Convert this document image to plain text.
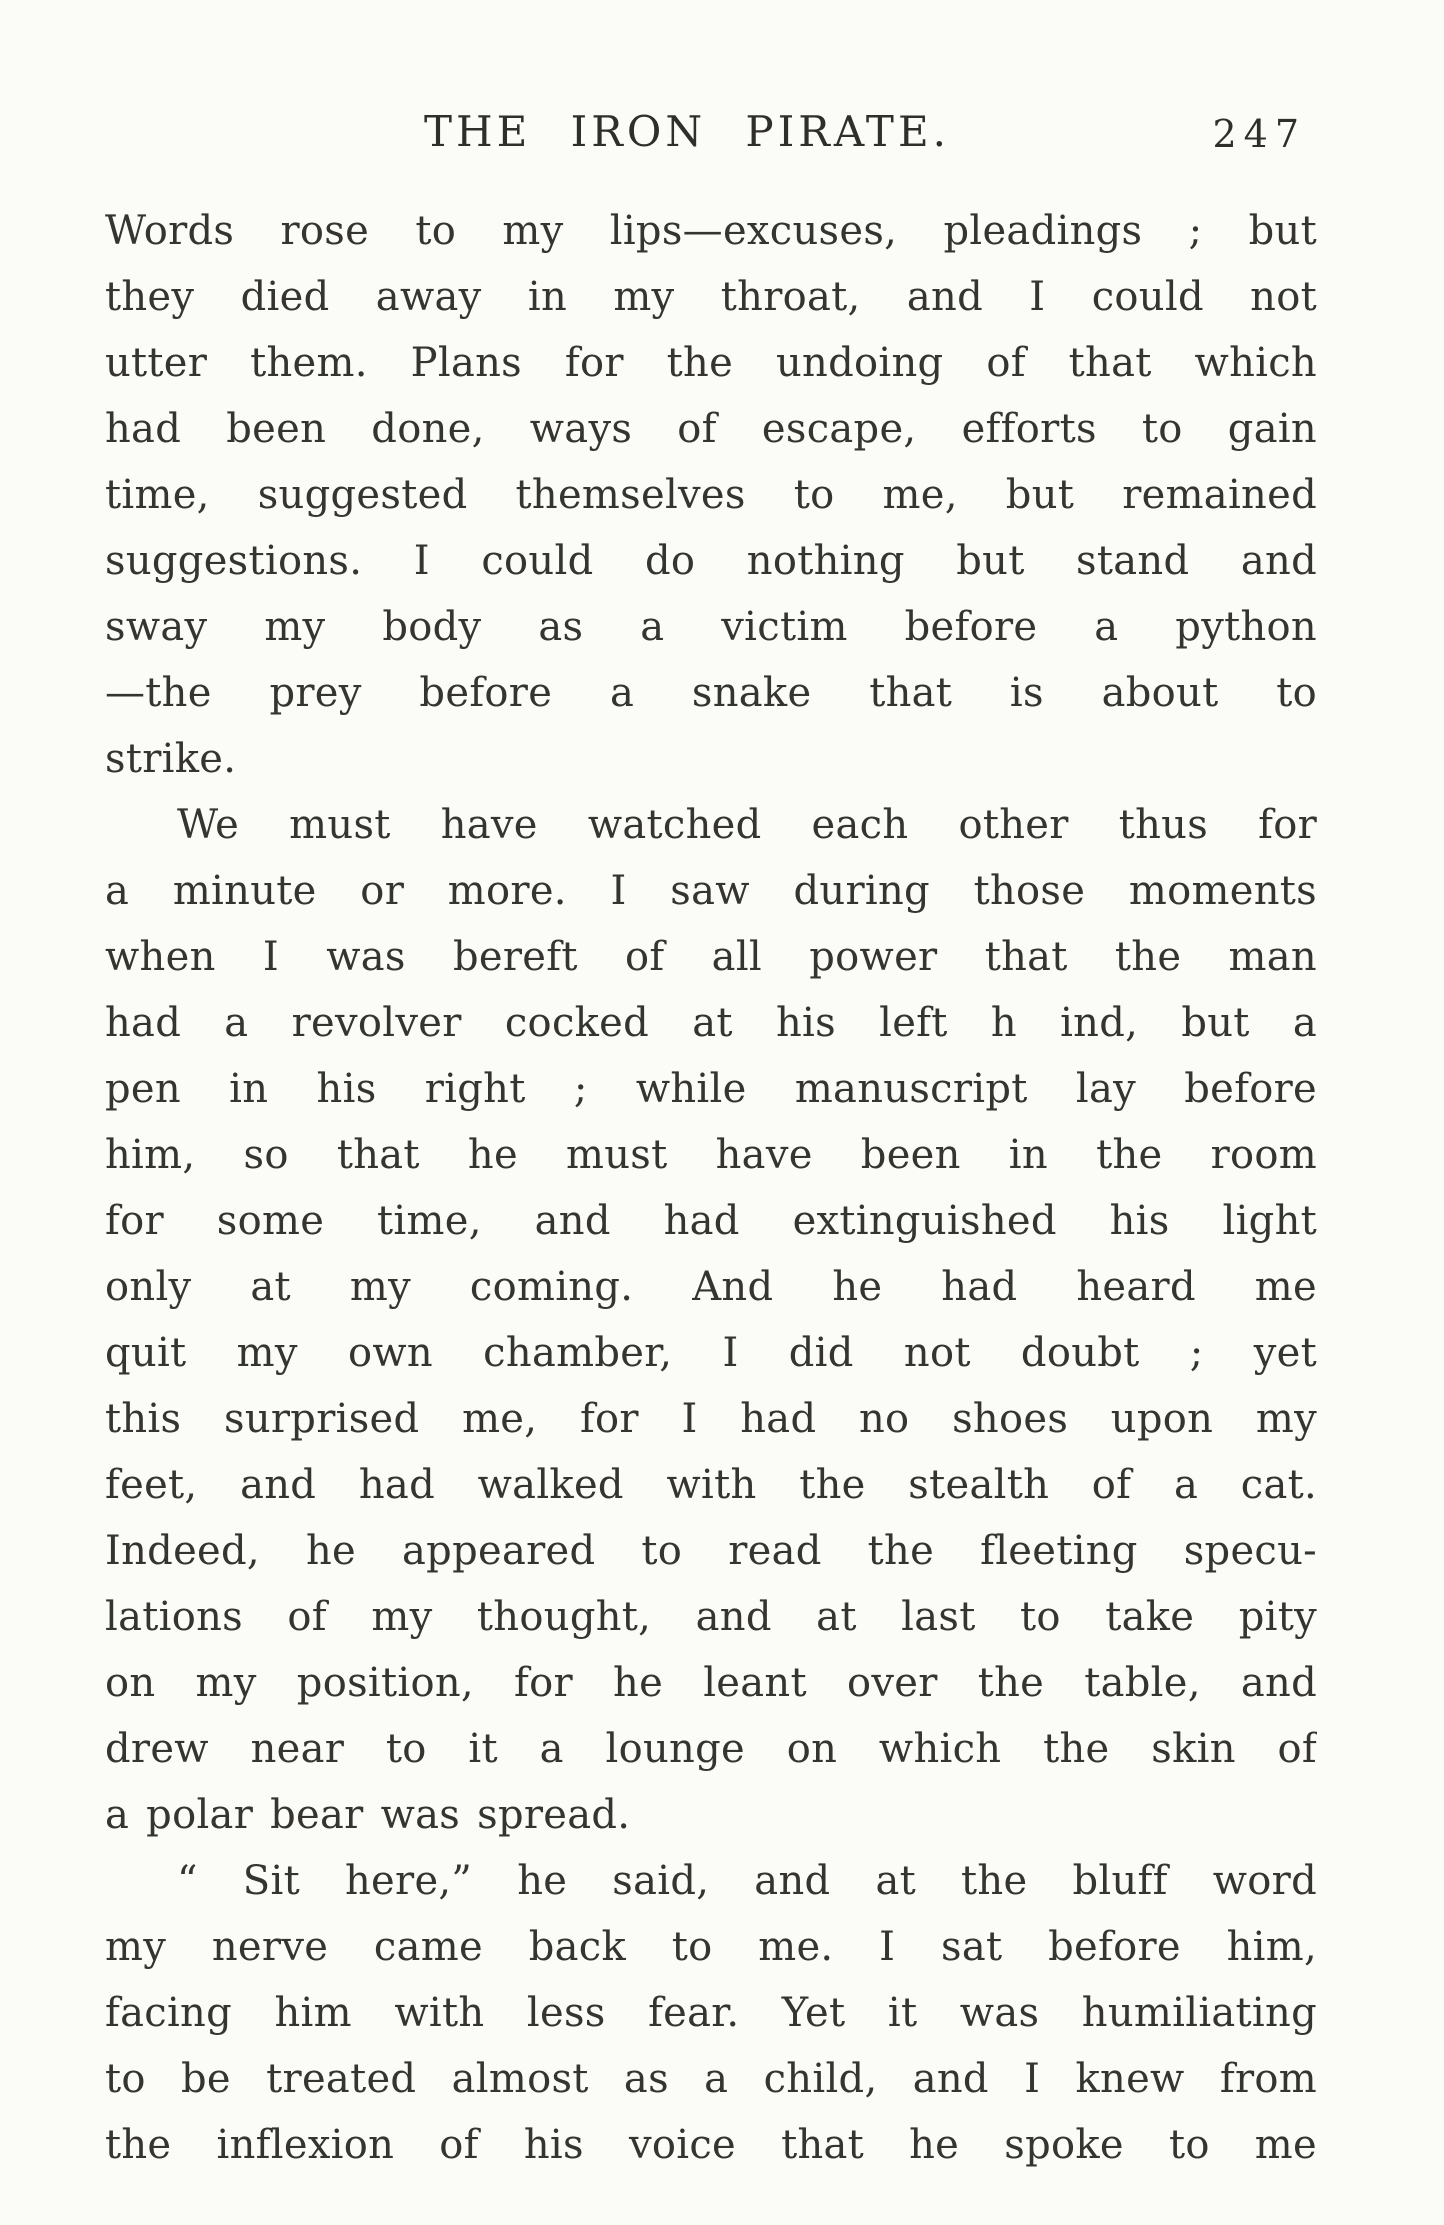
THE IRON PIRATE.	247
Words rose to my lips—excuses, pleadings ; but
they died away in my throat, and I could not
utter them. Plans for the undoing of that which
had been done, ways of escape, efforts to gain
time, suggested themselves to me, but remained
suggestions. I could do nothing but stand and
sway my body as a victim before a python
—the prey before a snake that is about to
strike.
We must have watched each other thus for
a minute or more. I saw during those moments
when I was bereft of all power that the man
had a revolver cocked at his left h ind, but a
pen in his right ; while manuscript lay before
him, so that he must have been in the room
for some time, and had extinguished his light
only at my coming. And he had heard me
quit my own chamber, I did not doubt ; yet
this surprised me, for I had no shoes upon my
feet, and had walked with the stealth of a cat.
Indeed, he appeared to read the fleeting specu-
lations of my thought, and at last to take pity
on my position, for he leant over the table, and
drew near to it a lounge on which the skin of
a polar bear was spread.
“ Sit here,” he said, and at the bluff word
my nerve came back to me. I sat before him,
facing him with less fear. Yet it was humiliating
to be treated almost as a child, and I knew from
the inflexion of his voice that he spoke to me
